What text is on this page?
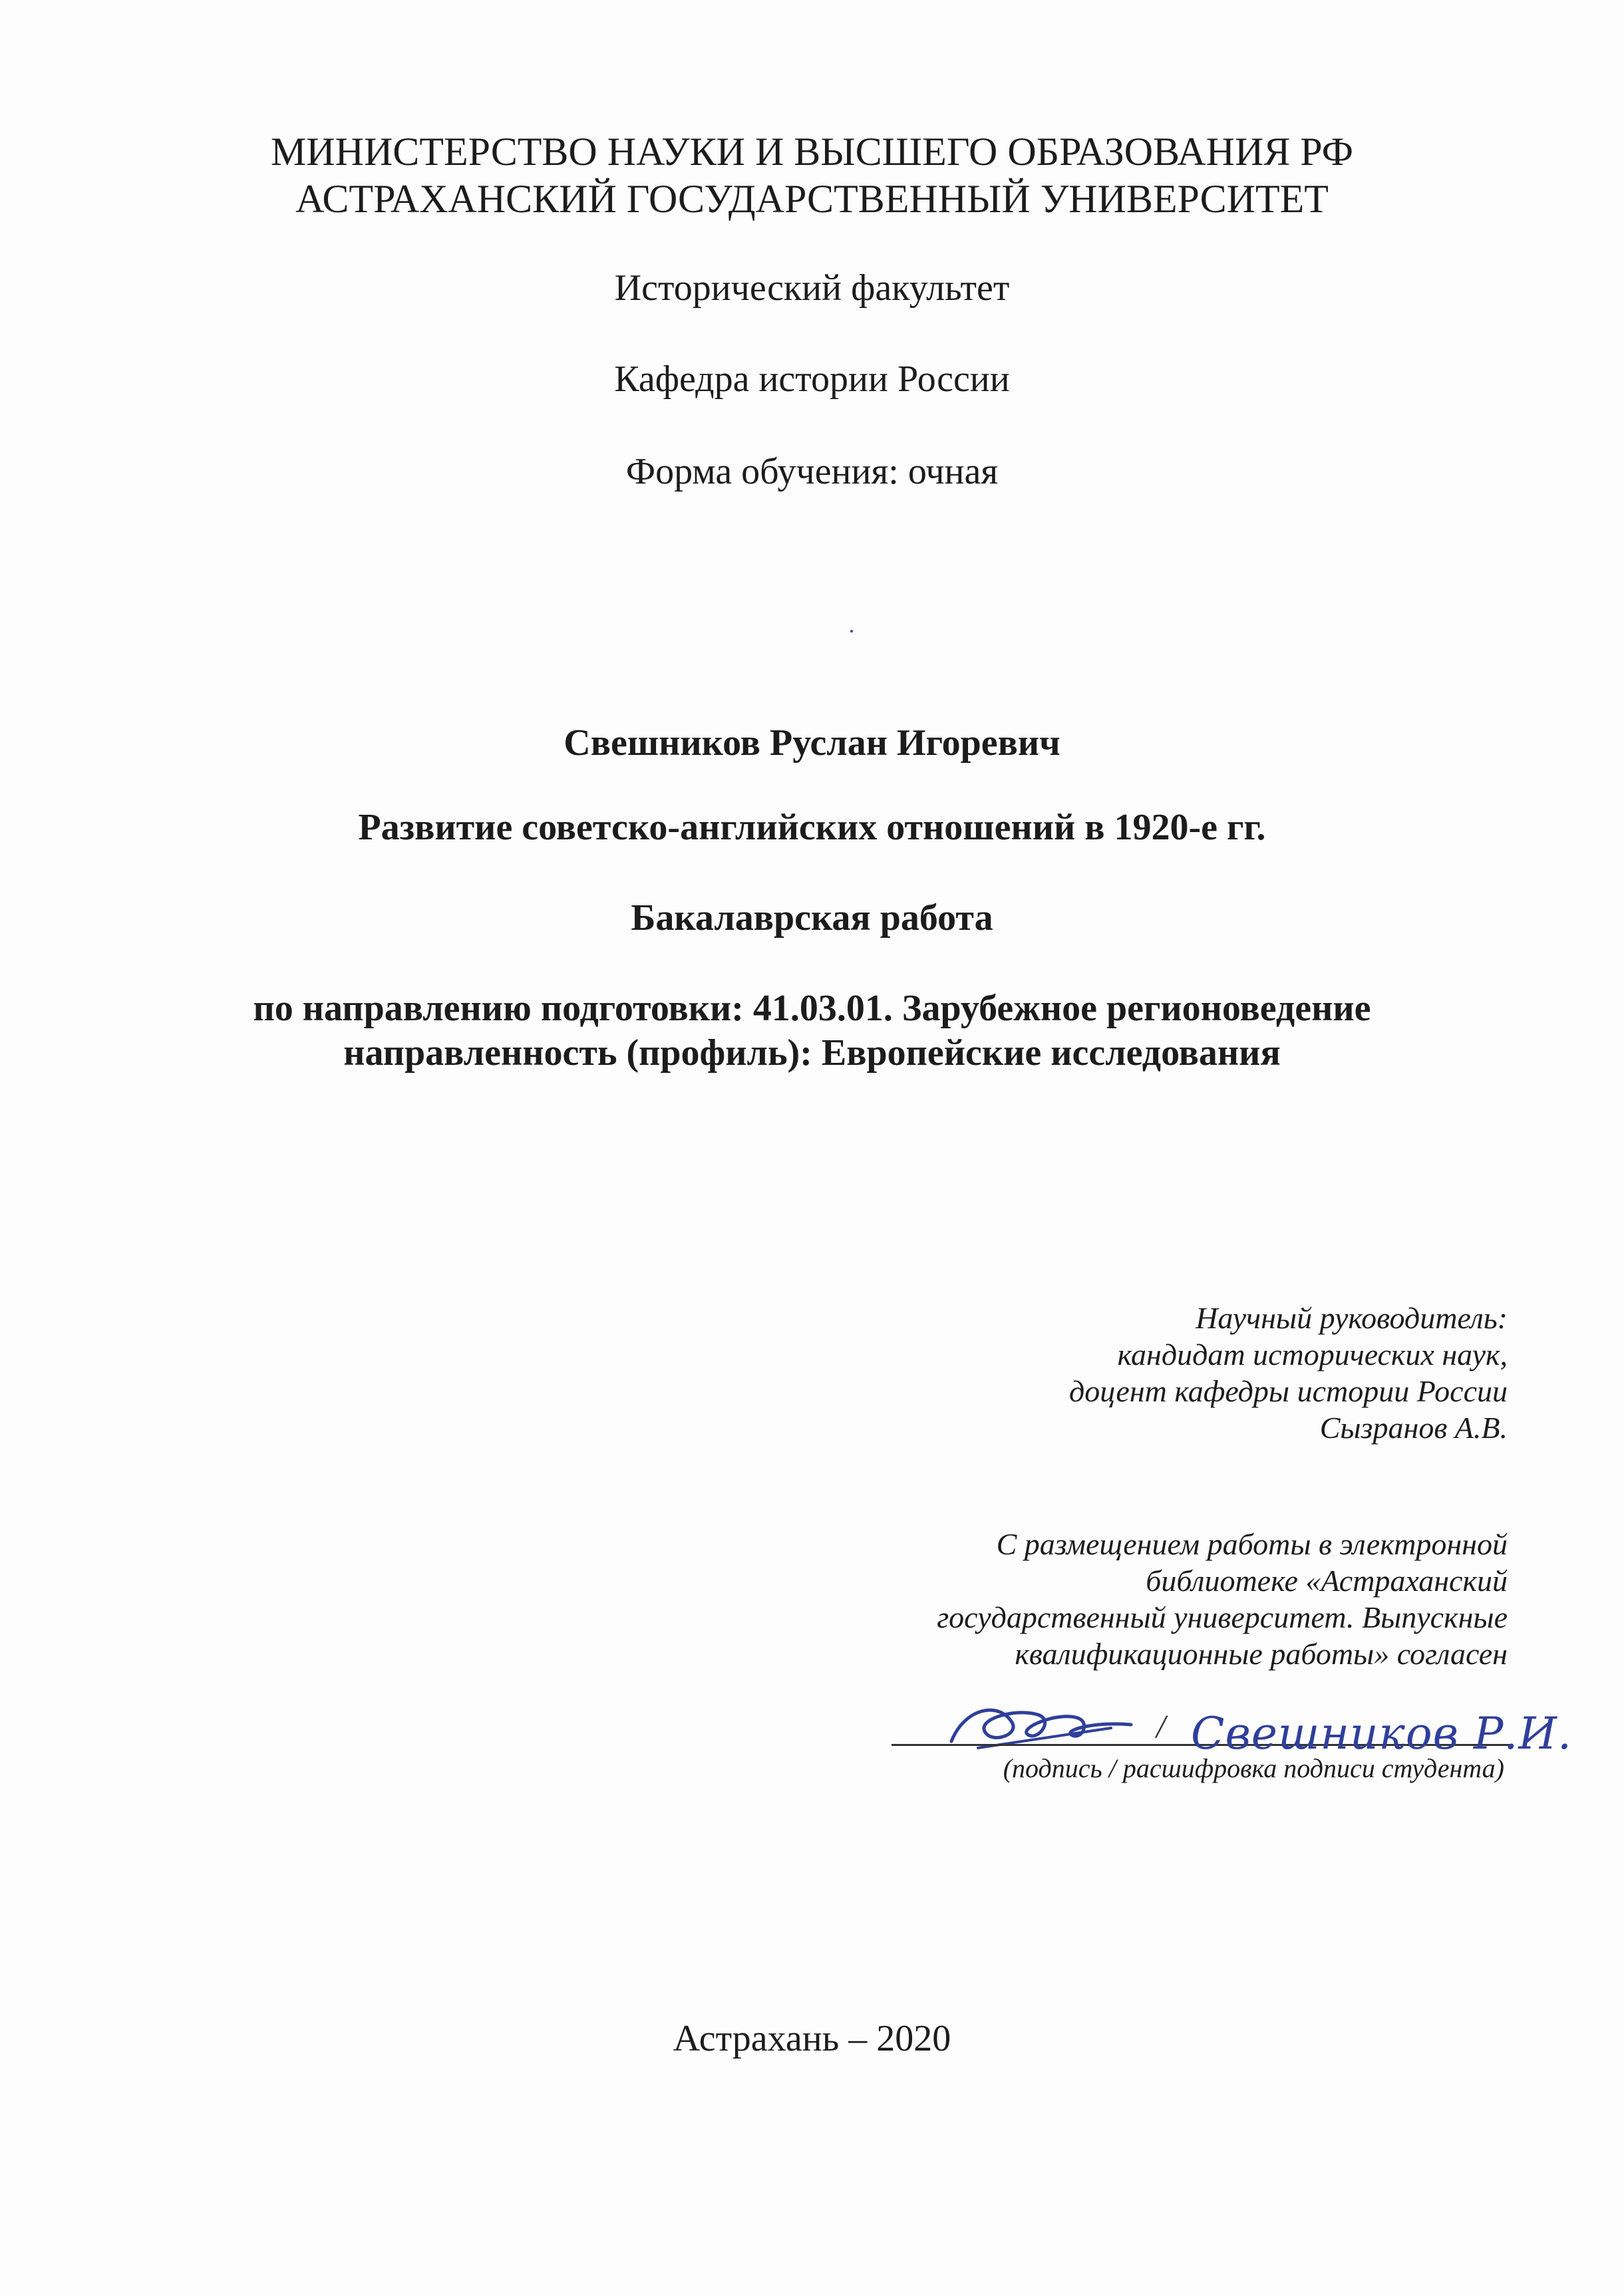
МИНИСТЕРСТВО НАУКИ И ВЫСШЕГО ОБРАЗОВАНИЯ РФ
АСТРАХАНСКИЙ ГОСУДАРСТВЕННЫЙ УНИВЕРСИТЕТ
Исторический факультет
Кафедра истории России
Форма обучения: очная
Свешников Руслан Игоревич
Развитие советско-английских отношений в 1920-е гг.
Бакалаврская работа
по направлению подготовки: 41.03.01. Зарубежное регионоведение
направленность (профиль): Европейские исследования
Научный руководитель:
кандидат исторических наук,
доцент кафедры истории России
Сызранов А.В.
С размещением работы в электронной
библиотеке «Астраханский
государственный университет. Выпускные
квалификационные работы» согласен
/ Свешников Р.И.
(подпись / расшифровка подписи студента)
Астрахань – 2020
